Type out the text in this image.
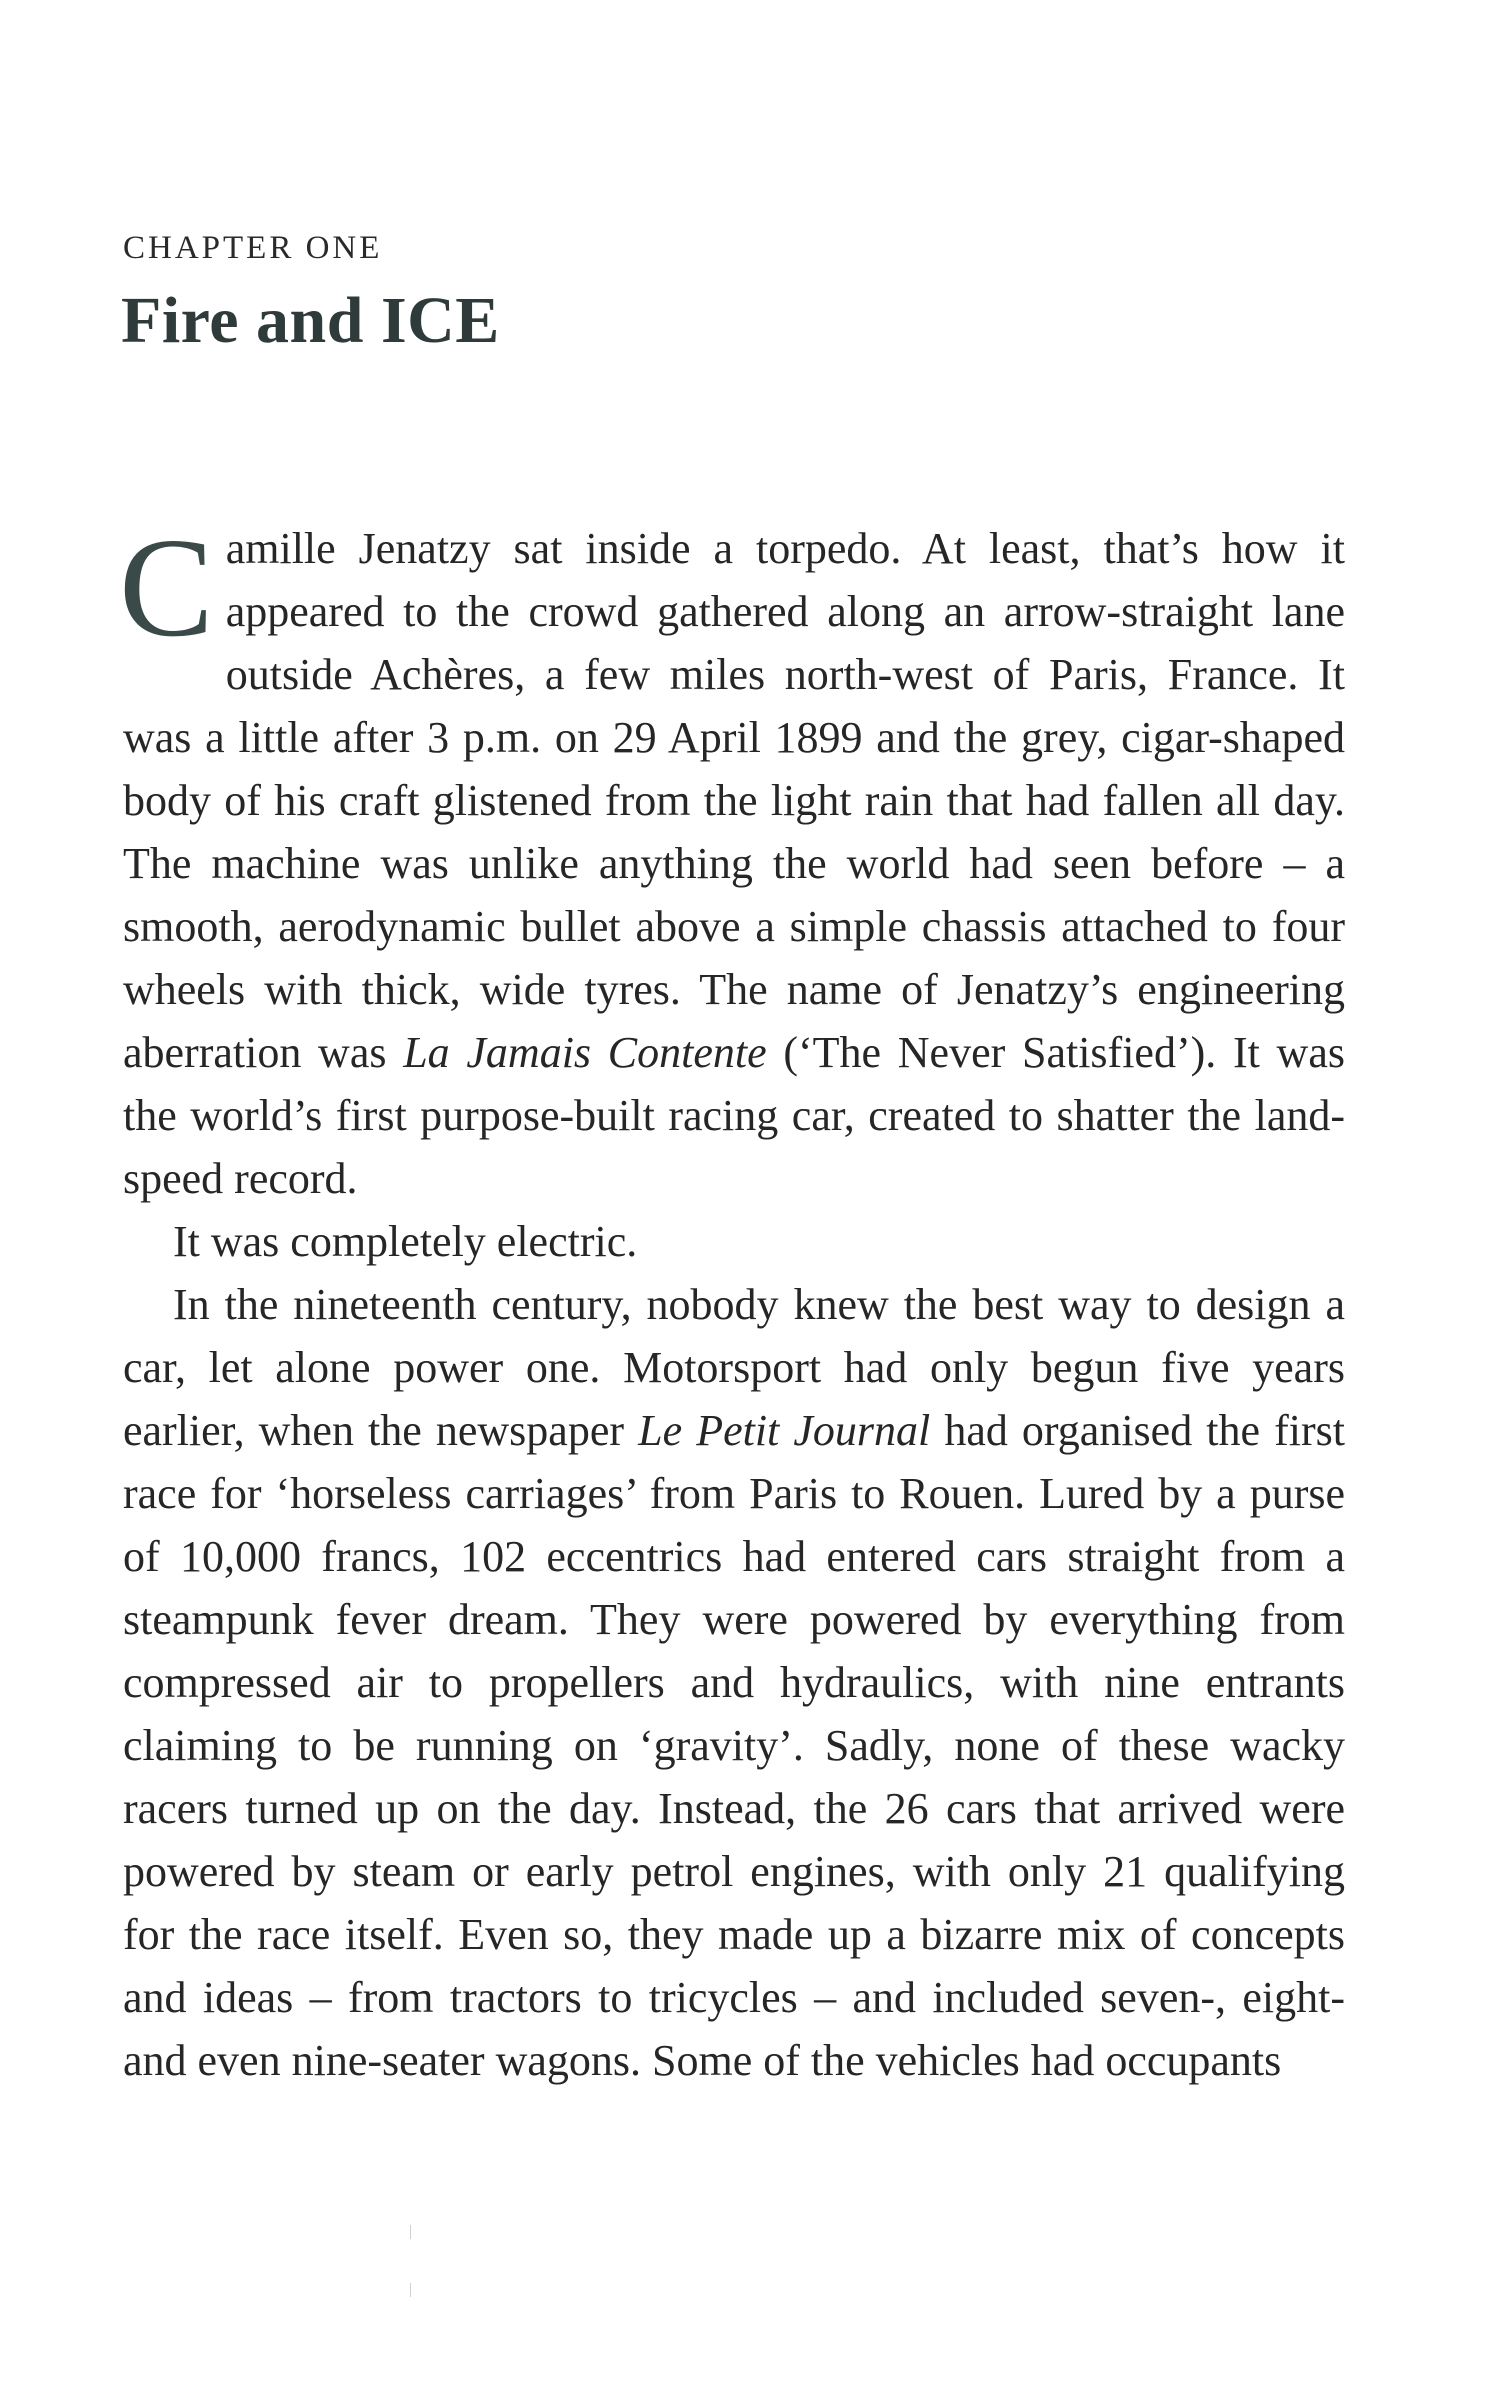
CHAPTER ONE
Fire and ICE

Camille Jenatzy sat inside a torpedo. At least, that’s how it appeared to the crowd gathered along an arrow-straight lane outside Achères, a few miles north-west of Paris, France. It was a little after 3 p.m. on 29 April 1899 and the grey, cigar-shaped body of his craft glistened from the light rain that had fallen all day. The machine was unlike anything the world had seen before – a smooth, aerodynamic bullet above a simple chassis attached to four wheels with thick, wide tyres. The name of Jenatzy’s engineering aberration was La Jamais Contente (‘The Never Satisfied’). It was the world’s first purpose-built racing car, created to shatter the land-speed record.

It was completely electric.

In the nineteenth century, nobody knew the best way to design a car, let alone power one. Motorsport had only begun five years earlier, when the newspaper Le Petit Journal had organised the first race for ‘horseless carriages’ from Paris to Rouen. Lured by a purse of 10,000 francs, 102 eccentrics had entered cars straight from a steampunk fever dream. They were powered by everything from compressed air to propellers and hydraulics, with nine entrants claiming to be running on ‘gravity’. Sadly, none of these wacky racers turned up on the day. Instead, the 26 cars that arrived were powered by steam or early petrol engines, with only 21 qualifying for the race itself. Even so, they made up a bizarre mix of concepts and ideas – from tractors to tricycles – and included seven-, eight- and even nine-seater wagons. Some of the vehicles had occupants
